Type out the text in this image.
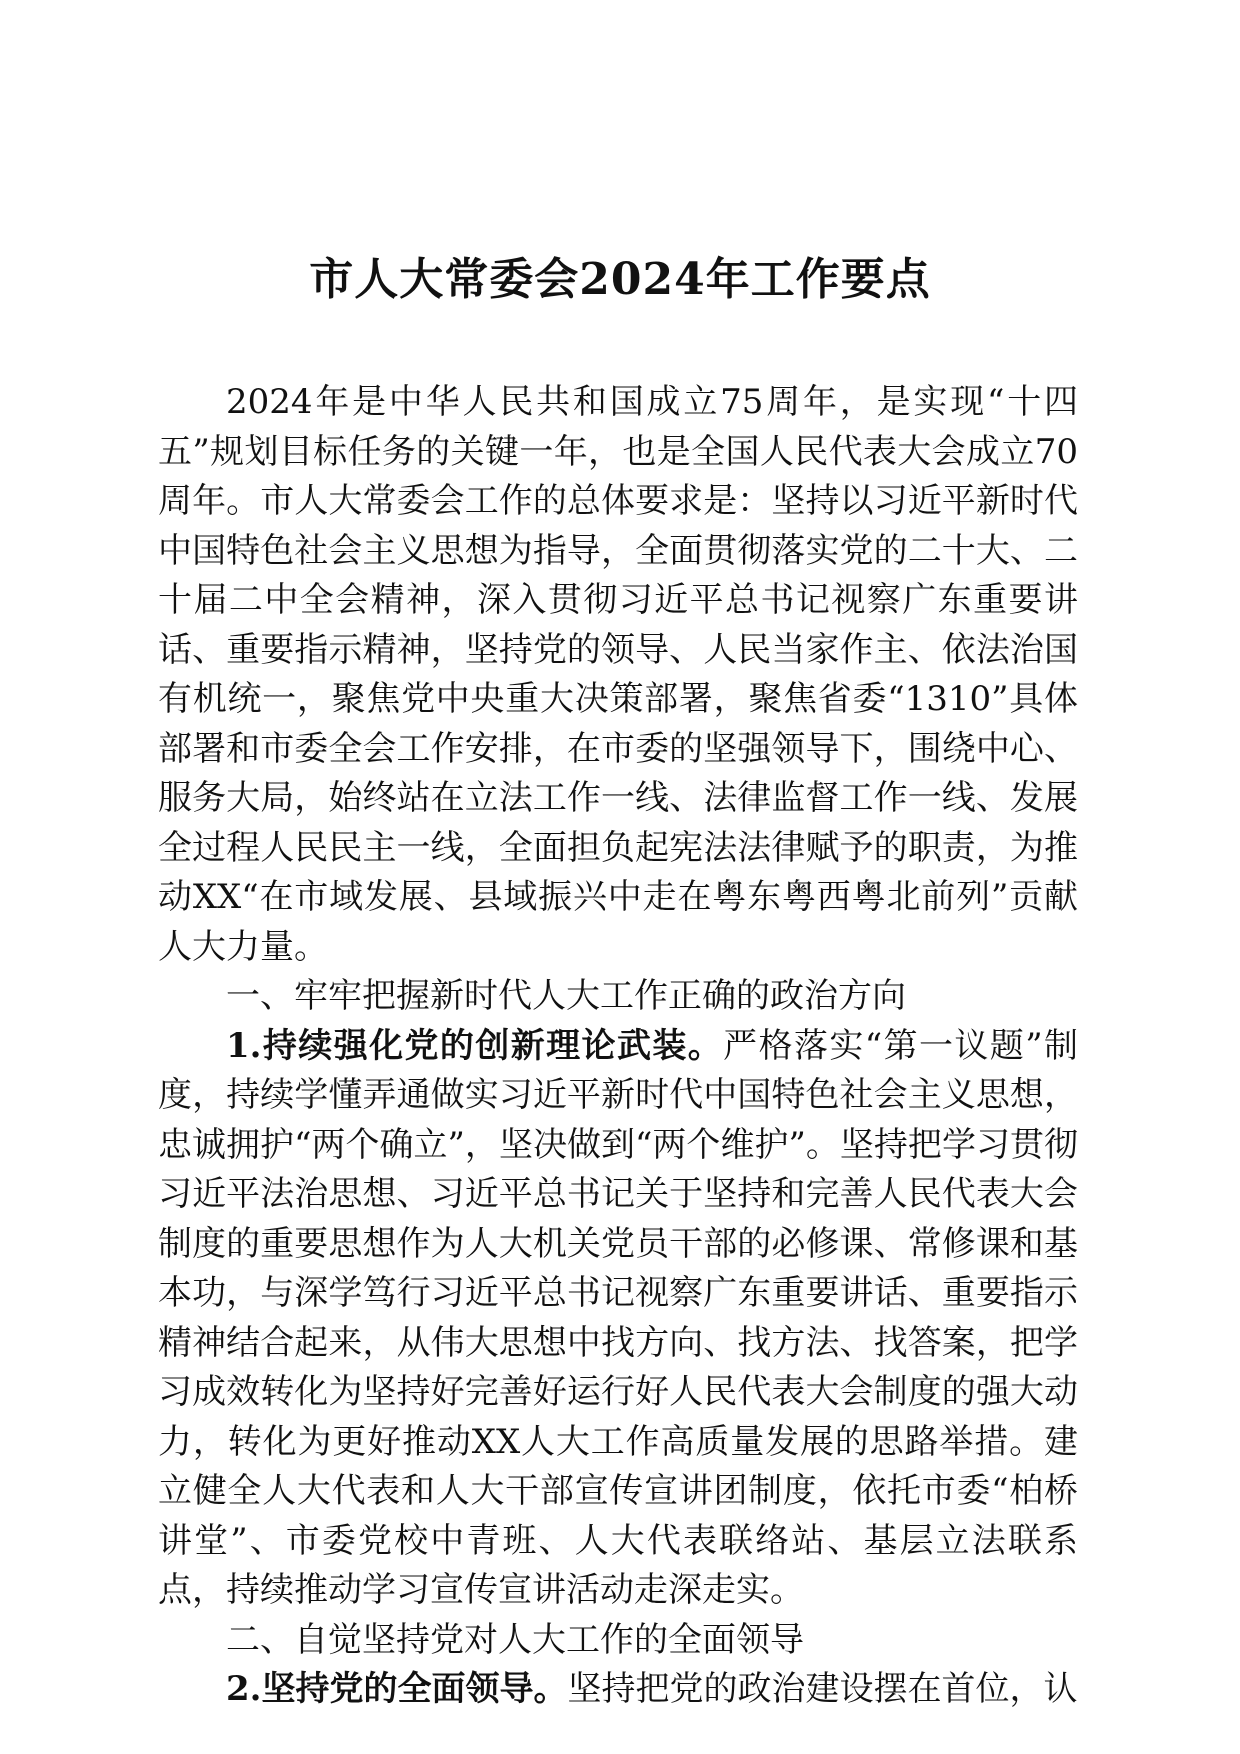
市人大常委会2024年工作要点

2024年是中华人民共和国成立75周年，是实现“十四五”规划目标任务的关键一年，也是全国人民代表大会成立70周年。市人大常委会工作的总体要求是：坚持以习近平新时代中国特色社会主义思想为指导，全面贯彻落实党的二十大、二十届二中全会精神，深入贯彻习近平总书记视察广东重要讲话、重要指示精神，坚持党的领导、人民当家作主、依法治国有机统一，聚焦党中央重大决策部署，聚焦省委“1310”具体部署和市委全会工作安排，在市委的坚强领导下，围绕中心、服务大局，始终站在立法工作一线、法律监督工作一线、发展全过程人民民主一线，全面担负起宪法法律赋予的职责，为推动XX“在市域发展、县域振兴中走在粤东粤西粤北前列”贡献人大力量。

一、牢牢把握新时代人大工作正确的政治方向

1.持续强化党的创新理论武装。严格落实“第一议题”制度，持续学懂弄通做实习近平新时代中国特色社会主义思想，忠诚拥护“两个确立”，坚决做到“两个维护”。坚持把学习贯彻习近平法治思想、习近平总书记关于坚持和完善人民代表大会制度的重要思想作为人大机关党员干部的必修课、常修课和基本功，与深学笃行习近平总书记视察广东重要讲话、重要指示精神结合起来，从伟大思想中找方向、找方法、找答案，把学习成效转化为坚持好完善好运行好人民代表大会制度的强大动力，转化为更好推动XX人大工作高质量发展的思路举措。建立健全人大代表和人大干部宣传宣讲团制度，依托市委“柏桥讲堂”、市委党校中青班、人大代表联络站、基层立法联系点，持续推动学习宣传宣讲活动走深走实。

二、自觉坚持党对人大工作的全面领导

2.坚持党的全面领导。坚持把党的政治建设摆在首位，认
